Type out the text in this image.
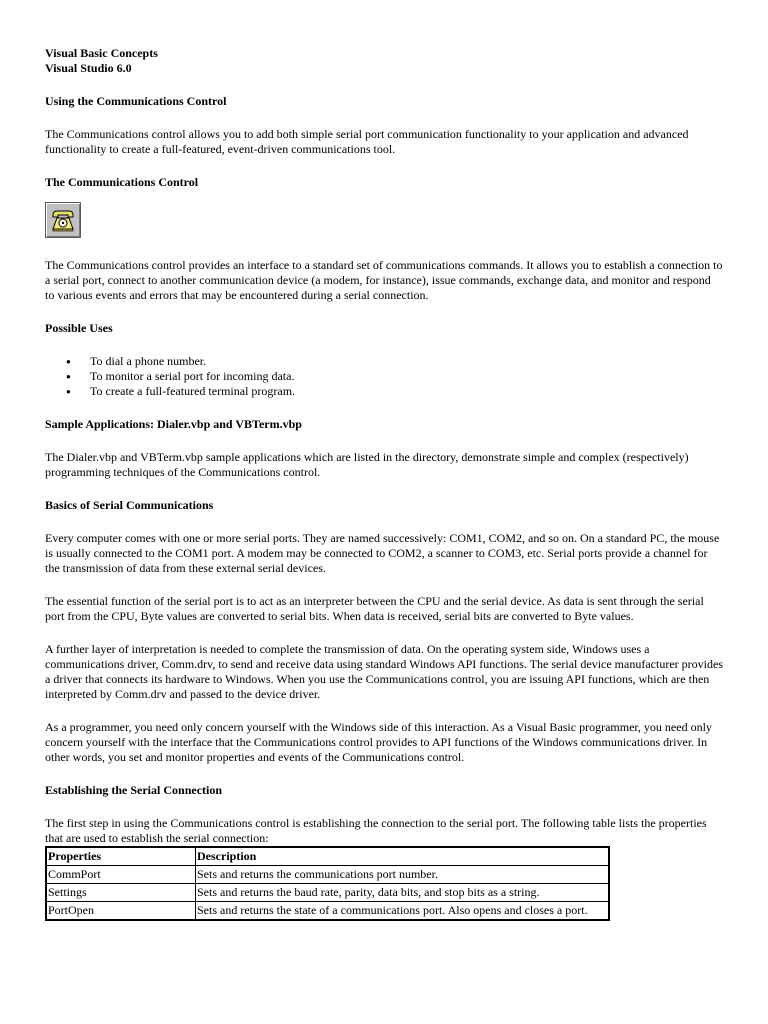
Visual Basic Concepts
Visual Studio 6.0
Using the Communications Control

The Communications control allows you to add both simple serial port communication functionality to your application and advanced functionality to create a full-featured, event-driven communications tool.

The Communications Control

The Communications control provides an interface to a standard set of communications commands. It allows you to establish a connection to a serial port, connect to another communication device (a modem, for instance), issue commands, exchange data, and monitor and respond to various events and errors that may be encountered during a serial connection.

Possible Uses
● To dial a phone number.
● To monitor a serial port for incoming data.
● To create a full-featured terminal program.
Sample Applications: Dialer.vbp and VBTerm.vbp

The Dialer.vbp and VBTerm.vbp sample applications which are listed in the directory, demonstrate simple and complex (respectively) programming techniques of the Communications control.

Basics of Serial Communications

Every computer comes with one or more serial ports. They are named successively: COM1, COM2, and so on. On a standard PC, the mouse is usually connected to the COM1 port. A modem may be connected to COM2, a scanner to COM3, etc. Serial ports provide a channel for the transmission of data from these external serial devices.

The essential function of the serial port is to act as an interpreter between the CPU and the serial device. As data is sent through the serial port from the CPU, Byte values are converted to serial bits. When data is received, serial bits are converted to Byte values.

A further layer of interpretation is needed to complete the transmission of data. On the operating system side, Windows uses a communications driver, Comm.drv, to send and receive data using standard Windows API functions. The serial device manufacturer provides a driver that connects its hardware to Windows. When you use the Communications control, you are issuing API functions, which are then interpreted by Comm.drv and passed to the device driver.

As a programmer, you need only concern yourself with the Windows side of this interaction. As a Visual Basic programmer, you need only concern yourself with the interface that the Communications control provides to API functions of the Windows communications driver. In other words, you set and monitor properties and events of the Communications control.

Establishing the Serial Connection

The first step in using the Communications control is establishing the connection to the serial port. The following table lists the properties that are used to establish the serial connection:

Properties	Description
CommPort	Sets and returns the communications port number.
Settings	Sets and returns the baud rate, parity, data bits, and stop bits as a string.
PortOpen	Sets and returns the state of a communications port. Also opens and closes a port.
